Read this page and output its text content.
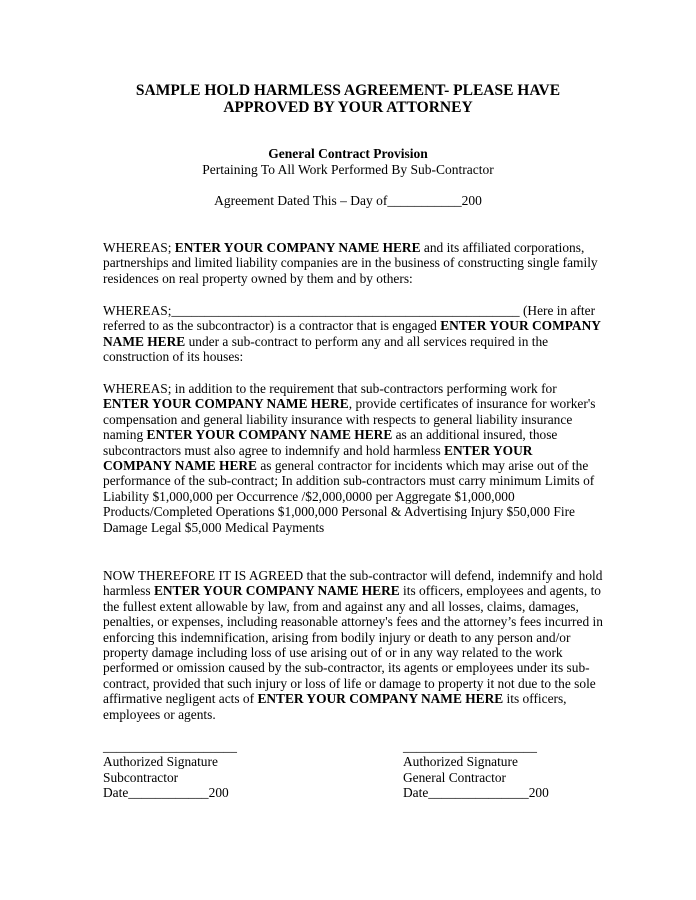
SAMPLE HOLD HARMLESS AGREEMENT- PLEASE HAVE
APPROVED BY YOUR ATTORNEY
General Contract Provision
Pertaining To All Work Performed By Sub-Contractor
Agreement Dated This – Day of___________200
WHEREAS; ENTER YOUR COMPANY NAME HERE and its affiliated corporations, partnerships and limited liability companies are in the business of constructing single family residences on real property owned by them and by others:
WHEREAS;____________________________________________________ (Here in after referred to as the subcontractor) is a contractor that is engaged ENTER YOUR COMPANY NAME HERE under a sub-contract to perform any and all services required in the construction of its houses:
WHEREAS; in addition to the requirement that sub-contractors performing work for ENTER YOUR COMPANY NAME HERE, provide certificates of insurance for worker's compensation and general liability insurance with respects to general liability insurance naming ENTER YOUR COMPANY NAME HERE as an additional insured, those subcontractors must also agree to indemnify and hold harmless ENTER YOUR COMPANY NAME HERE as general contractor for incidents which may arise out of the performance of the sub-contract; In addition sub-contractors must carry minimum Limits of Liability $1,000,000 per Occurrence /$2,000,0000 per Aggregate $1,000,000 Products/Completed Operations $1,000,000 Personal & Advertising Injury $50,000 Fire Damage Legal $5,000 Medical Payments
NOW THEREFORE IT IS AGREED that the sub-contractor will defend, indemnify and hold harmless ENTER YOUR COMPANY NAME HERE its officers, employees and agents, to the fullest extent allowable by law, from and against any and all losses, claims, damages, penalties, or expenses, including reasonable attorney's fees and the attorney’s fees incurred in enforcing this indemnification, arising from bodily injury or death to any person and/or property damage including loss of use arising out of or in any way related to the work performed or omission caused by the sub-contractor, its agents or employees under its sub-contract, provided that such injury or loss of life or damage to property it not due to the sole affirmative negligent acts of ENTER YOUR COMPANY NAME HERE its officers, employees or agents.
____________________
Authorized Signature
Subcontractor
Date____________200
____________________
Authorized Signature
General Contractor
Date_______________200
